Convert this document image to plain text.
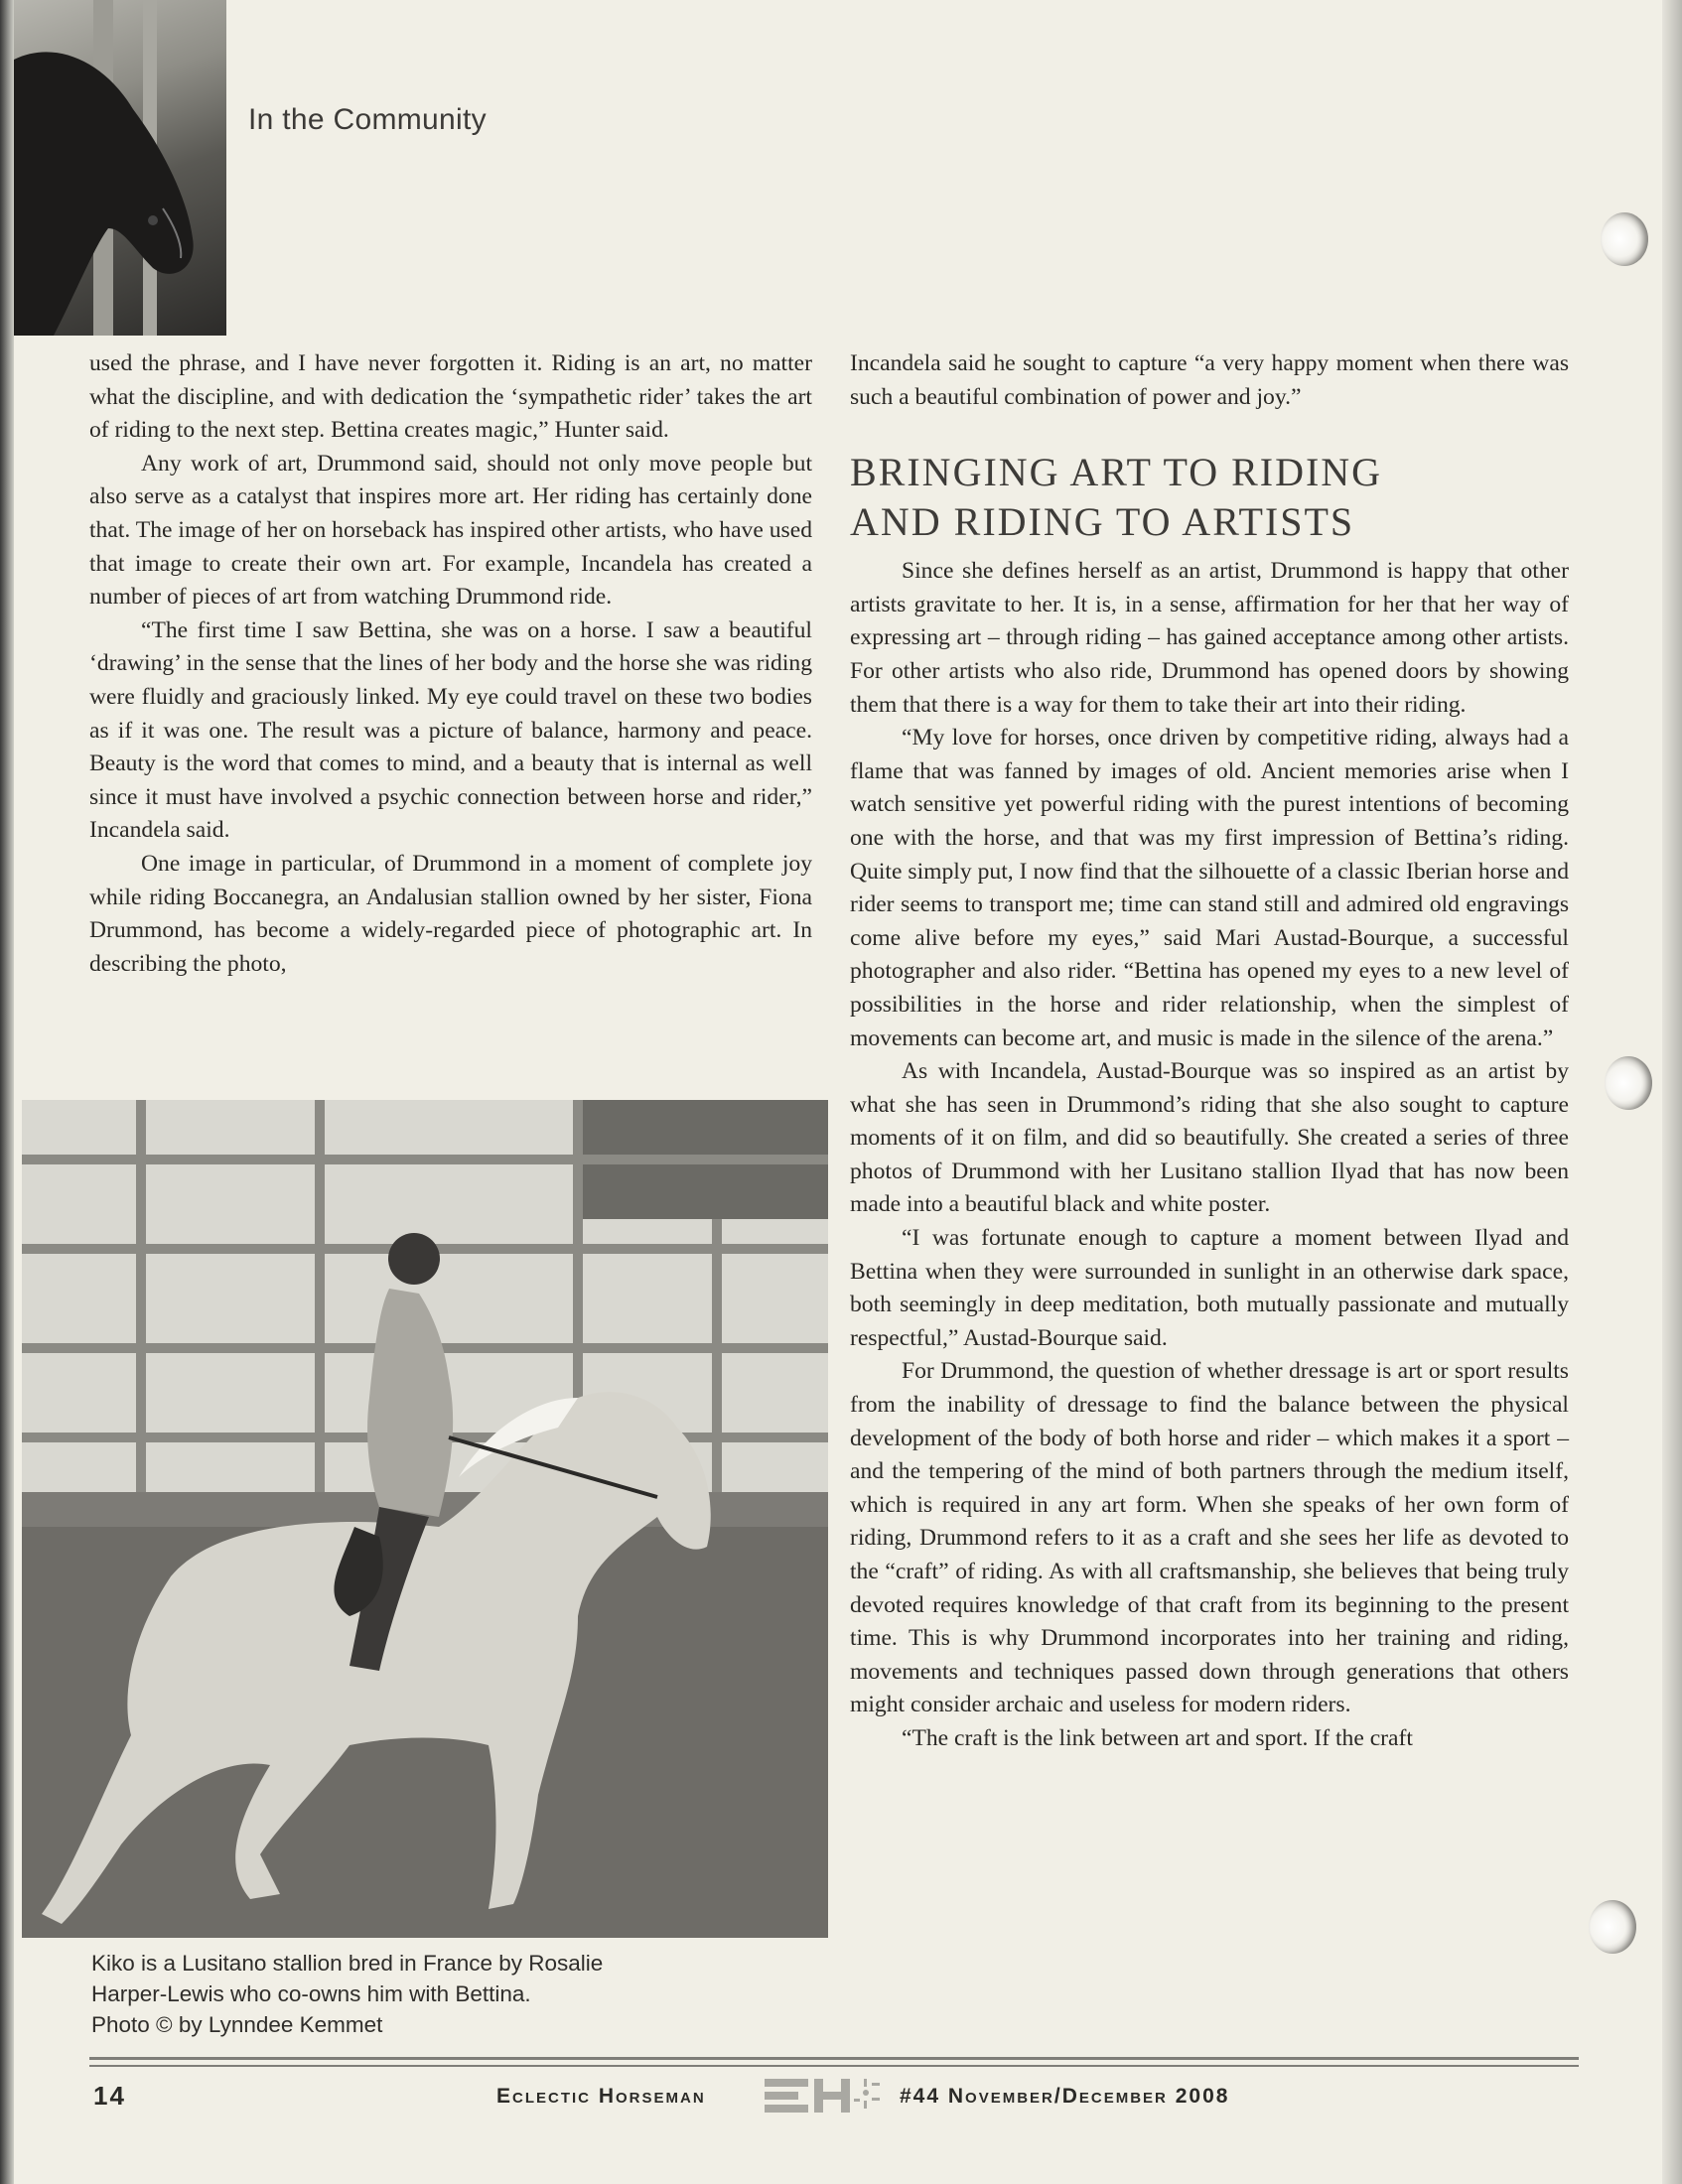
In the Community

used the phrase, and I have never forgotten it. Riding is an art, no matter what the discipline, and with dedication the ‘sympathetic rider’ takes the art of riding to the next step. Bettina creates magic,” Hunter said.

Any work of art, Drummond said, should not only move people but also serve as a catalyst that inspires more art. Her riding has certainly done that. The image of her on horseback has inspired other artists, who have used that image to create their own art. For example, Incandela has created a number of pieces of art from watching Drummond ride.

“The first time I saw Bettina, she was on a horse. I saw a beautiful ‘drawing’ in the sense that the lines of her body and the horse she was riding were fluidly and graciously linked. My eye could travel on these two bodies as if it was one. The result was a picture of balance, harmony and peace. Beauty is the word that comes to mind, and a beauty that is internal as well since it must have involved a psychic connection between horse and rider,” Incandela said.

One image in particular, of Drummond in a moment of complete joy while riding Boccanegra, an Andalusian stallion owned by her sister, Fiona Drummond, has become a widely-regarded piece of photographic art. In describing the photo,

Kiko is a Lusitano stallion bred in France by Rosalie
Harper-Lewis who co-owns him with Bettina.
Photo © by Lynndee Kemmet

Incandela said he sought to capture “a very happy moment when there was such a beautiful combination of power and joy.”

BRINGING ART TO RIDING
AND RIDING TO ARTISTS

Since she defines herself as an artist, Drummond is happy that other artists gravitate to her. It is, in a sense, affirmation for her that her way of expressing art – through riding – has gained acceptance among other artists. For other artists who also ride, Drummond has opened doors by showing them that there is a way for them to take their art into their riding.

“My love for horses, once driven by competitive riding, always had a flame that was fanned by images of old. Ancient memories arise when I watch sensitive yet powerful riding with the purest intentions of becoming one with the horse, and that was my first impression of Bettina’s riding. Quite simply put, I now find that the silhouette of a classic Iberian horse and rider seems to transport me; time can stand still and admired old engravings come alive before my eyes,” said Mari Austad-Bourque, a successful photographer and also rider. “Bettina has opened my eyes to a new level of possibilities in the horse and rider relationship, when the simplest of movements can become art, and music is made in the silence of the arena.”

As with Incandela, Austad-Bourque was so inspired as an artist by what she has seen in Drummond’s riding that she also sought to capture moments of it on film, and did so beautifully. She created a series of three photos of Drummond with her Lusitano stallion Ilyad that has now been made into a beautiful black and white poster.

“I was fortunate enough to capture a moment between Ilyad and Bettina when they were surrounded in sunlight in an otherwise dark space, both seemingly in deep meditation, both mutually passionate and mutually respectful,” Austad-Bourque said.

For Drummond, the question of whether dressage is art or sport results from the inability of dressage to find the balance between the physical development of the body of both horse and rider – which makes it a sport – and the tempering of the mind of both partners through the medium itself, which is required in any art form. When she speaks of her own form of riding, Drummond refers to it as a craft and she sees her life as devoted to the “craft” of riding. As with all craftsmanship, she believes that being truly devoted requires knowledge of that craft from its beginning to the present time. This is why Drummond incorporates into her training and riding, movements and techniques passed down through generations that others might consider archaic and useless for modern riders.

“The craft is the link between art and sport. If the craft

14	Eclectic Horseman	#44 November/December 2008
